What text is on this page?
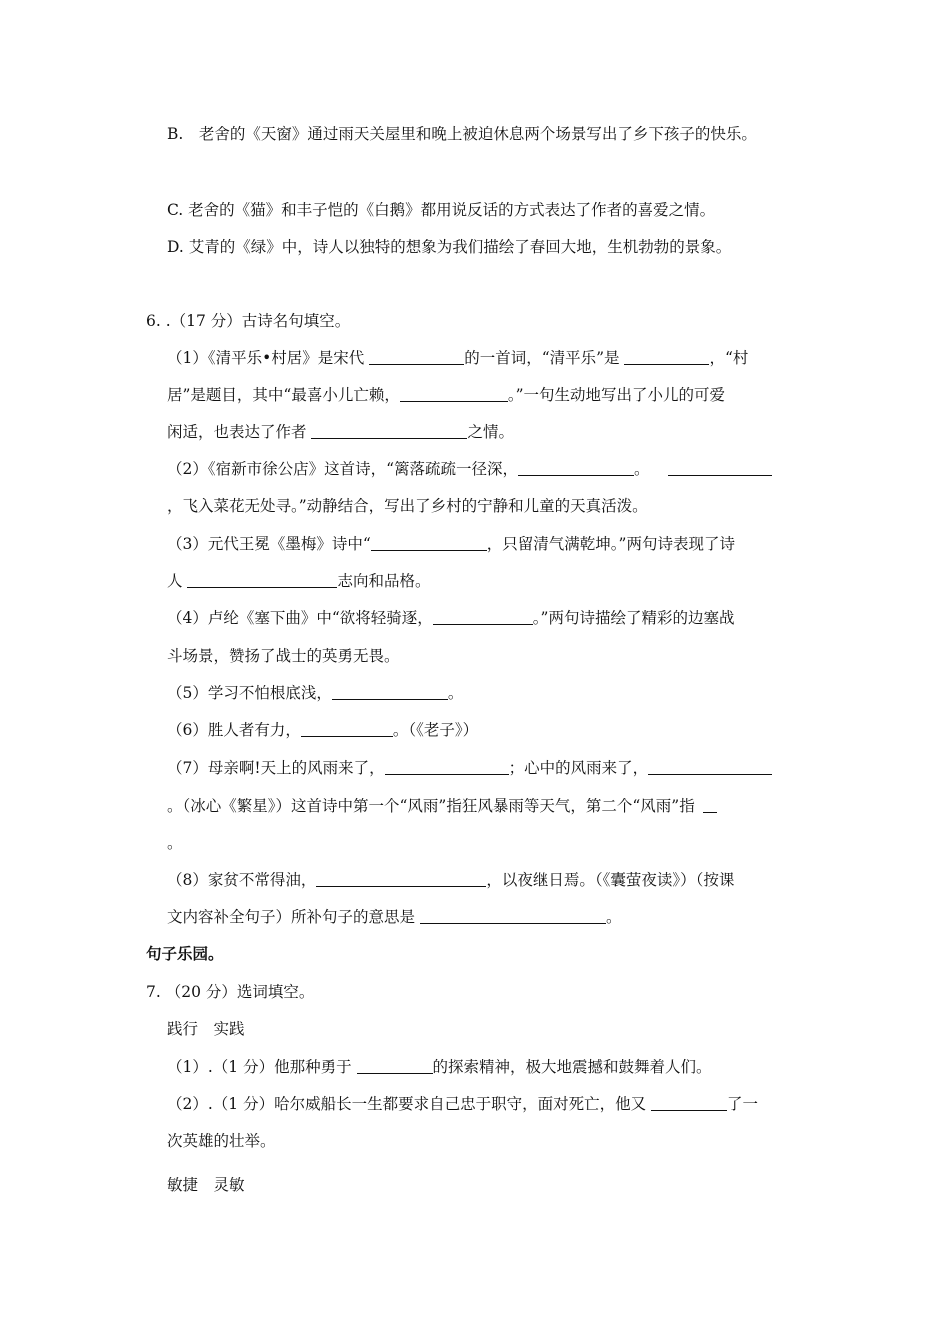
B.　老舍的《天窗》通过雨天关屋里和晚上被迫休息两个场景写出了乡下孩子的快乐。
C. 老舍的《猫》和丰子恺的《白鹅》都用说反话的方式表达了作者的喜爱之情。
D. 艾青的《绿》中，诗人以独特的想象为我们描绘了春回大地，生机勃勃的景象。
6. .（17 分）古诗名句填空。
（1）《清平乐•村居》是宋代	的一首词，“清平乐”是	，“村
居”是题目，其中“最喜小儿亡赖，	。”一句生动地写出了小儿的可爱
闲适，也表达了作者	之情。
（2）《宿新市徐公店》这首诗，“篱落疏疏一径深，	。
，飞入菜花无处寻。”动静结合，写出了乡村的宁静和儿童的天真活泼。
（3）元代王冕《墨梅》诗中“	，只留清气满乾坤。”两句诗表现了诗
人	志向和品格。
（4）卢纶《塞下曲》中“欲将轻骑逐，	。”两句诗描绘了精彩的边塞战
斗场景，赞扬了战士的英勇无畏。
（5）学习不怕根底浅，	。
（6）胜人者有力，	。（《老子》）
（7）母亲啊!天上的风雨来了，	；心中的风雨来了，
。（冰心《繁星》）这首诗中第一个“风雨”指狂风暴雨等天气，第二个“风雨”指
。
（8）家贫不常得油，	，以夜继日焉。（《囊萤夜读》）（按课
文内容补全句子）所补句子的意思是	。
句子乐园。
7. （20 分）选词填空。
践行　实践
（1）.（1 分）他那种勇于	的探索精神，极大地震撼和鼓舞着人们。
（2）.（1 分）哈尔威船长一生都要求自己忠于职守，面对死亡，他又	了一
次英雄的壮举。
敏捷　灵敏
